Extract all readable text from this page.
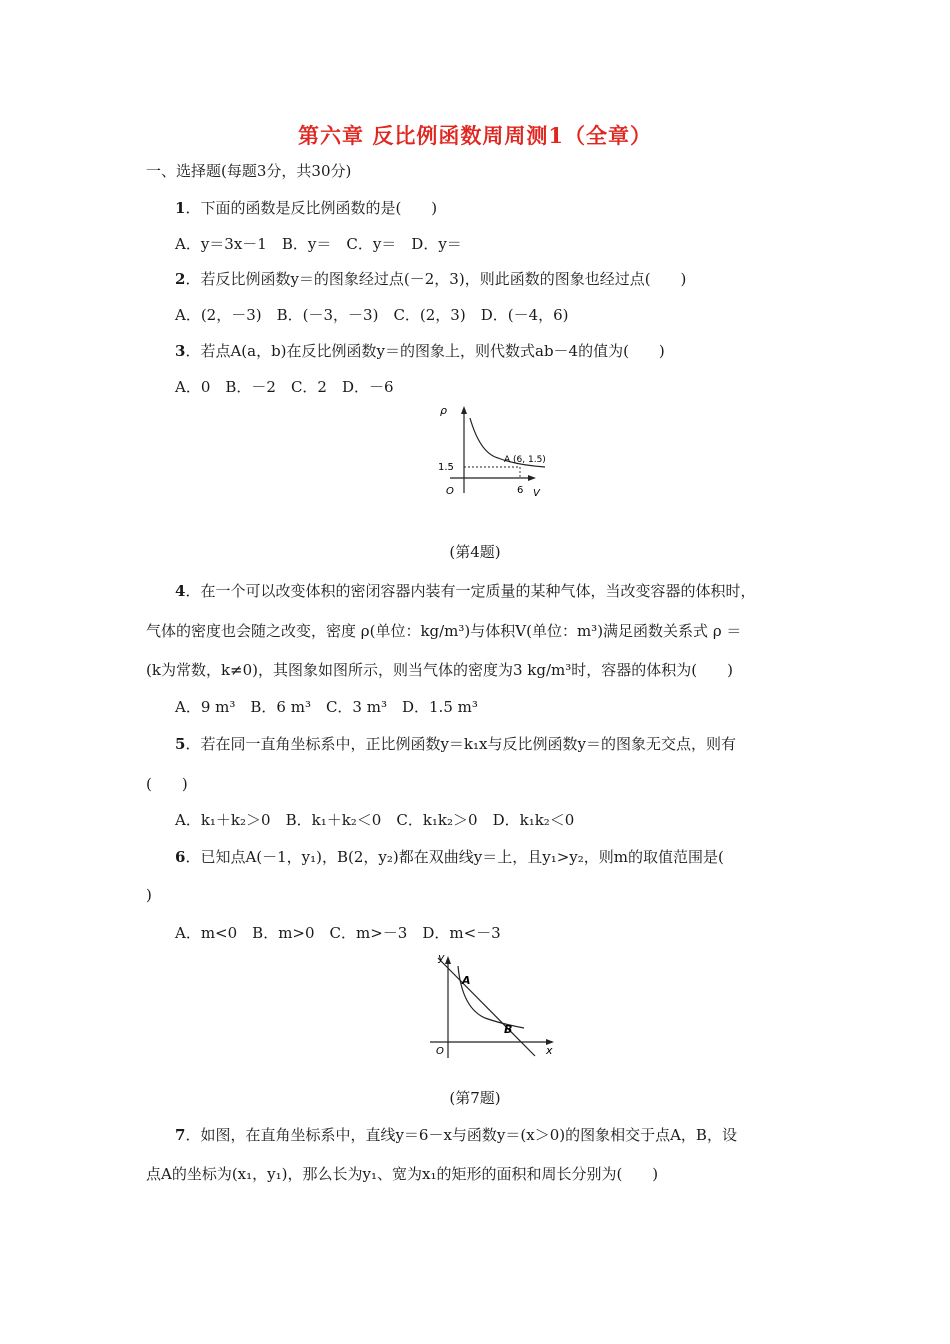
第六章 反比例函数周周测1（全章）
一、选择题(每题3分，共30分)
1．下面的函数是反比例函数的是(　　)
A．y＝3x－1　B．y＝　C．y＝　D．y＝
2．若反比例函数y＝的图象经过点(－2，3)，则此函数的图象也经过点(　　)
A．(2，－3)　B．(－3，－3)　C．(2，3)　D．(－4，6)
3．若点A(a，b)在反比例函数y＝的图象上，则代数式ab－4的值为(　　)
A．0　B．－2　C．2　D．－6
ρ
O
1.5
6 V
A (6, 1.5)
(第4题)
4．在一个可以改变体积的密闭容器内装有一定质量的某种气体，当改变容器的体积时，
气体的密度也会随之改变，密度 ρ(单位：kg/m³)与体积V(单位：m³)满足函数关系式 ρ ＝
(k为常数，k≠0)，其图象如图所示，则当气体的密度为3 kg/m³时，容器的体积为(　　)
A．9 m³　B．6 m³　C．3 m³　D．1.5 m³
5．若在同一直角坐标系中，正比例函数y＝k₁x与反比例函数y＝的图象无交点，则有
(　　)
A．k₁＋k₂＞0　B．k₁＋k₂＜0　C．k₁k₂＞0　D．k₁k₂＜0
6．已知点A(－1，y₁)，B(2，y₂)都在双曲线y＝上，且y₁>y₂，则m的取值范围是(
)
A．m<0　B．m>0　C．m>－3　D．m<－3
y
O	x
A
B
(第7题)
7．如图，在直角坐标系中，直线y＝6－x与函数y＝(x＞0)的图象相交于点A，B，设
点A的坐标为(x₁，y₁)，那么长为y₁、宽为x₁的矩形的面积和周长分别为(　　)
